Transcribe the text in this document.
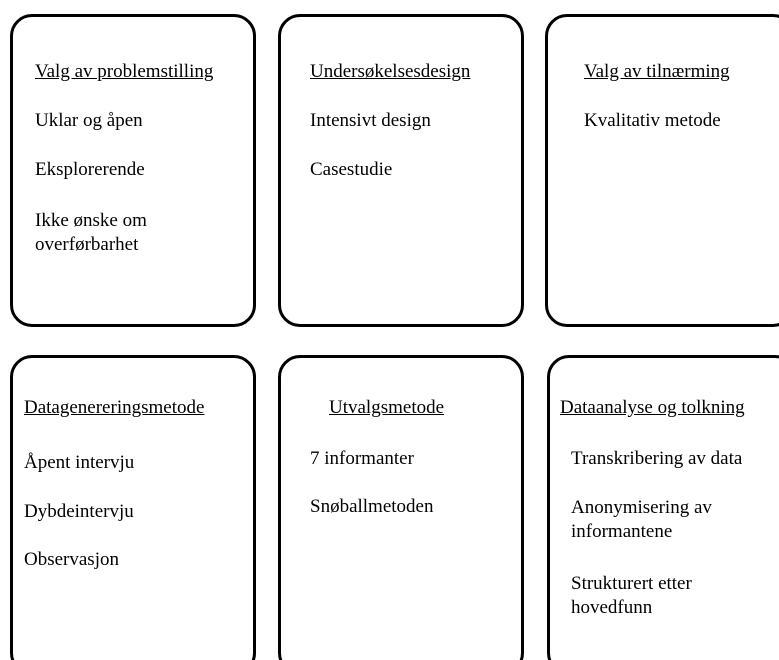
Valg av problemstilling
Uklar og åpen
Eksplorerende
Ikke ønske om
overførbarhet
Undersøkelsesdesign
Intensivt design
Casestudie
Valg av tilnærming
Kvalitativ metode
Datagenereringsmetode
Åpent intervju
Dybdeintervju
Observasjon
Utvalgsmetode
7 informanter
Snøballmetoden
Dataanalyse og tolkning
Transkribering av data
Anonymisering av
informantene
Strukturert etter
hovedfunn
